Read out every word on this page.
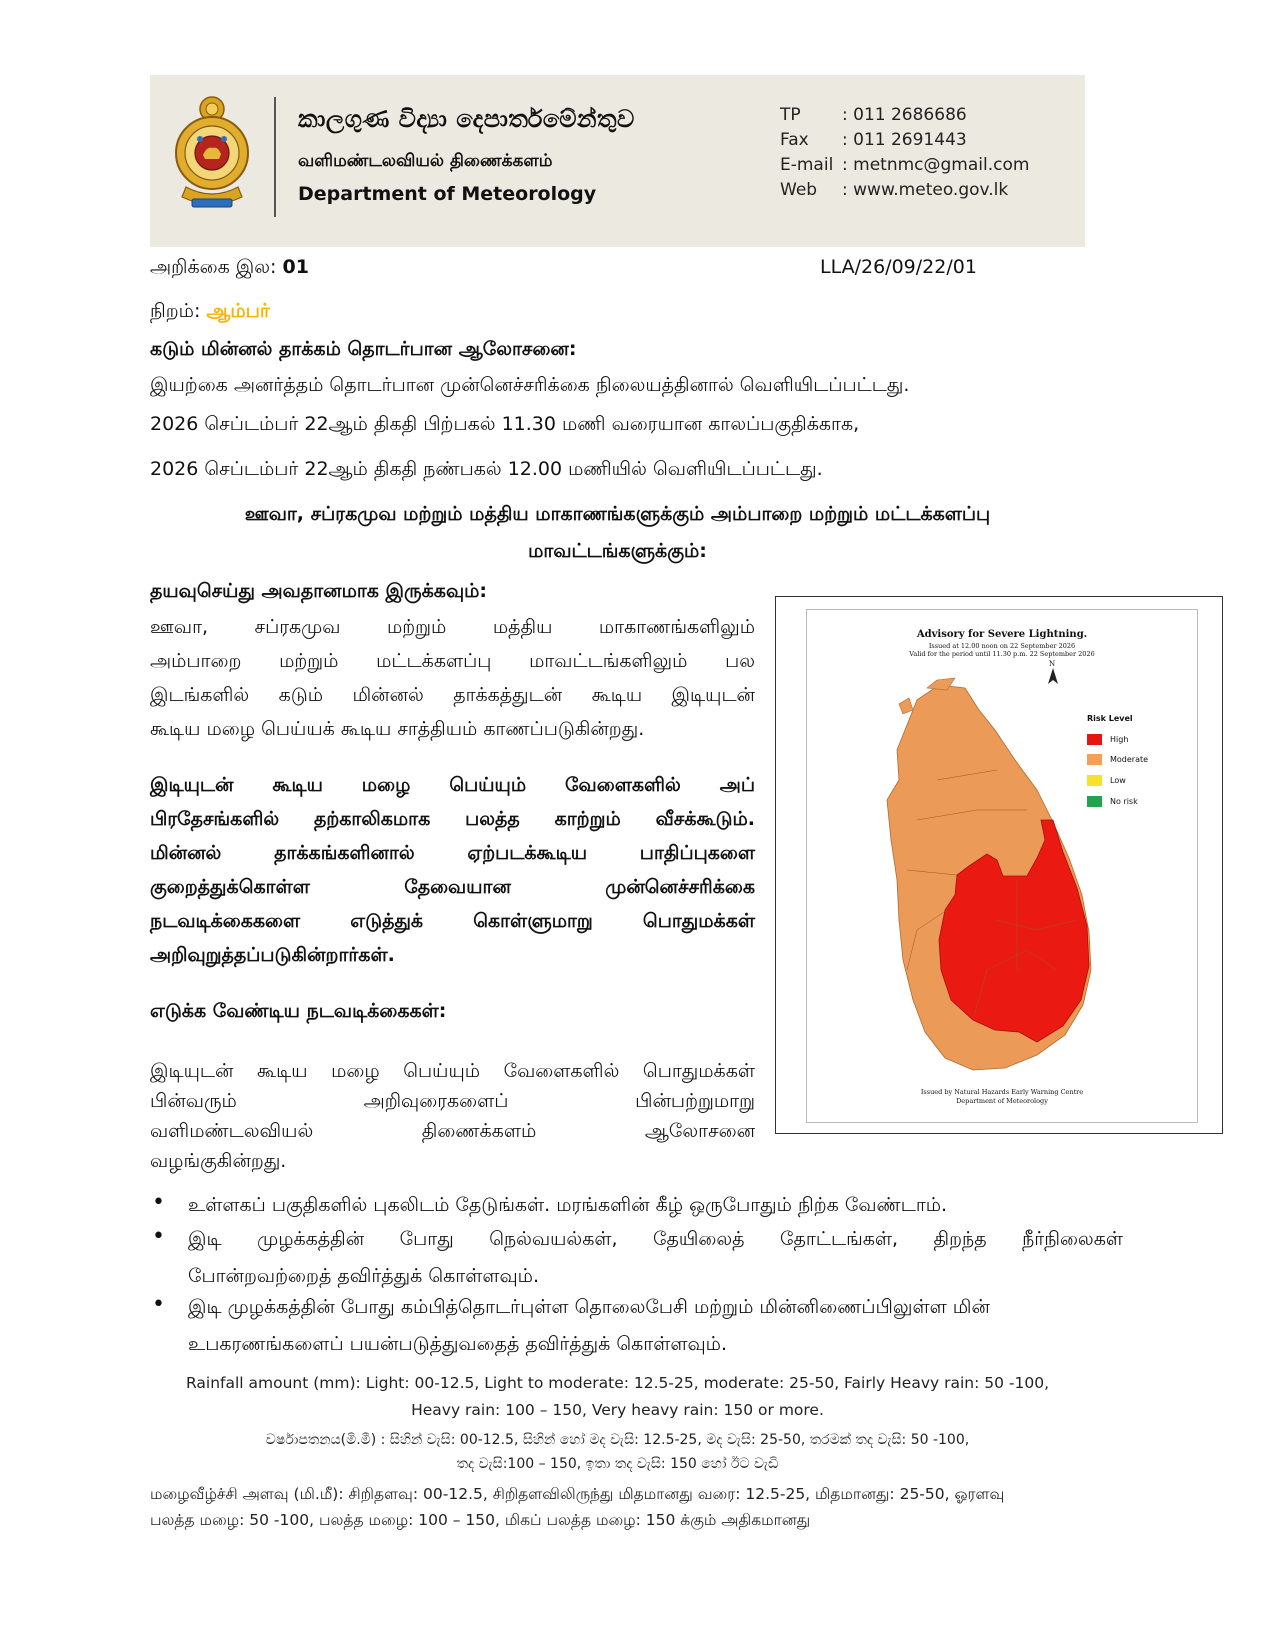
කාලගුණ විද්‍යා දෙපාර්තමේන්තුව
வளிமண்டலவியல் திணைக்களம்
Department of Meteorology
TP : 011 2686686
Fax : 011 2691443
E-mail : metnmc@gmail.com
Web : www.meteo.gov.lk
அறிக்கை இல: 01	LLA/26/09/22/01
நிறம்: ஆம்பர்
கடும் மின்னல் தாக்கம் தொடர்பான ஆலோசனை:
இயற்கை அனர்த்தம் தொடர்பான முன்னெச்சரிக்கை நிலையத்தினால் வெளியிடப்பட்டது.
2026 செப்டம்பர் 22ஆம் திகதி பிற்பகல் 11.30 மணி வரையான காலப்பகுதிக்காக,
2026 செப்டம்பர் 22ஆம் திகதி நண்பகல் 12.00 மணியில் வெளியிடப்பட்டது.
ஊவா, சப்ரகமுவ மற்றும் மத்திய மாகாணங்களுக்கும் அம்பாறை மற்றும் மட்டக்களப்பு
மாவட்டங்களுக்கும்:
தயவுசெய்து அவதானமாக இருக்கவும்:
ஊவா, சப்ரகமுவ மற்றும் மத்திய மாகாணங்களிலும்
அம்பாறை மற்றும் மட்டக்களப்பு மாவட்டங்களிலும் பல
இடங்களில் கடும் மின்னல் தாக்கத்துடன் கூடிய இடியுடன்
கூடிய மழை பெய்யக் கூடிய சாத்தியம் காணப்படுகின்றது.
இடியுடன் கூடிய மழை பெய்யும் வேளைகளில் அப்
பிரதேசங்களில் தற்காலிகமாக பலத்த காற்றும் வீசக்கூடும்.
மின்னல் தாக்கங்களினால் ஏற்படக்கூடிய பாதிப்புகளை
குறைத்துக்கொள்ள தேவையான முன்னெச்சரிக்கை
நடவடிக்கைகளை எடுத்துக் கொள்ளுமாறு பொதுமக்கள்
அறிவுறுத்தப்படுகின்றார்கள்.
எடுக்க வேண்டிய நடவடிக்கைகள்:
இடியுடன் கூடிய மழை பெய்யும் வேளைகளில் பொதுமக்கள்
பின்வரும் அறிவுரைகளைப் பின்பற்றுமாறு
வளிமண்டலவியல் திணைக்களம் ஆலோசனை
வழங்குகின்றது.
Advisory for Severe Lightning.
Issued at 12.00 noon on 22 September 2026
Valid for the period until 11.30 p.m. 22 September 2026
N
Risk Level
High
Moderate
Low
No risk
Issued by Natural Hazards Early Warning Centre
Department of Meteorology
• உள்ளகப் பகுதிகளில் புகலிடம் தேடுங்கள். மரங்களின் கீழ் ஒருபோதும் நிற்க வேண்டாம்.
• இடி முழக்கத்தின் போது நெல்வயல்கள், தேயிலைத் தோட்டங்கள், திறந்த நீர்நிலைகள்
போன்றவற்றைத் தவிர்த்துக் கொள்ளவும்.
• இடி முழக்கத்தின் போது கம்பித்தொடர்புள்ள தொலைபேசி மற்றும் மின்னிணைப்பிலுள்ள மின்
உபகரணங்களைப் பயன்படுத்துவதைத் தவிர்த்துக் கொள்ளவும்.
Rainfall amount (mm): Light: 00-12.5, Light to moderate: 12.5-25, moderate: 25-50, Fairly Heavy rain: 50 -100,
Heavy rain: 100 – 150, Very heavy rain: 150 or more.
වර්ෂාපතනය(මි.මී) : සිහින් වැසි: 00-12.5, සිහින් හෝ මද වැසි: 12.5-25, මද වැසි: 25-50, තරමක් තද වැසි: 50 -100,
තද වැසි:100 – 150, ඉතා තද වැසි: 150 හෝ ඊට වැඩි
மழைவீழ்ச்சி அளவு (மி.மீ): சிறிதளவு: 00-12.5, சிறிதளவிலிருந்து மிதமானது வரை: 12.5-25, மிதமானது: 25-50, ஓரளவு
பலத்த மழை: 50 -100, பலத்த மழை: 100 – 150, மிகப் பலத்த மழை: 150 க்கும் அதிகமானது
